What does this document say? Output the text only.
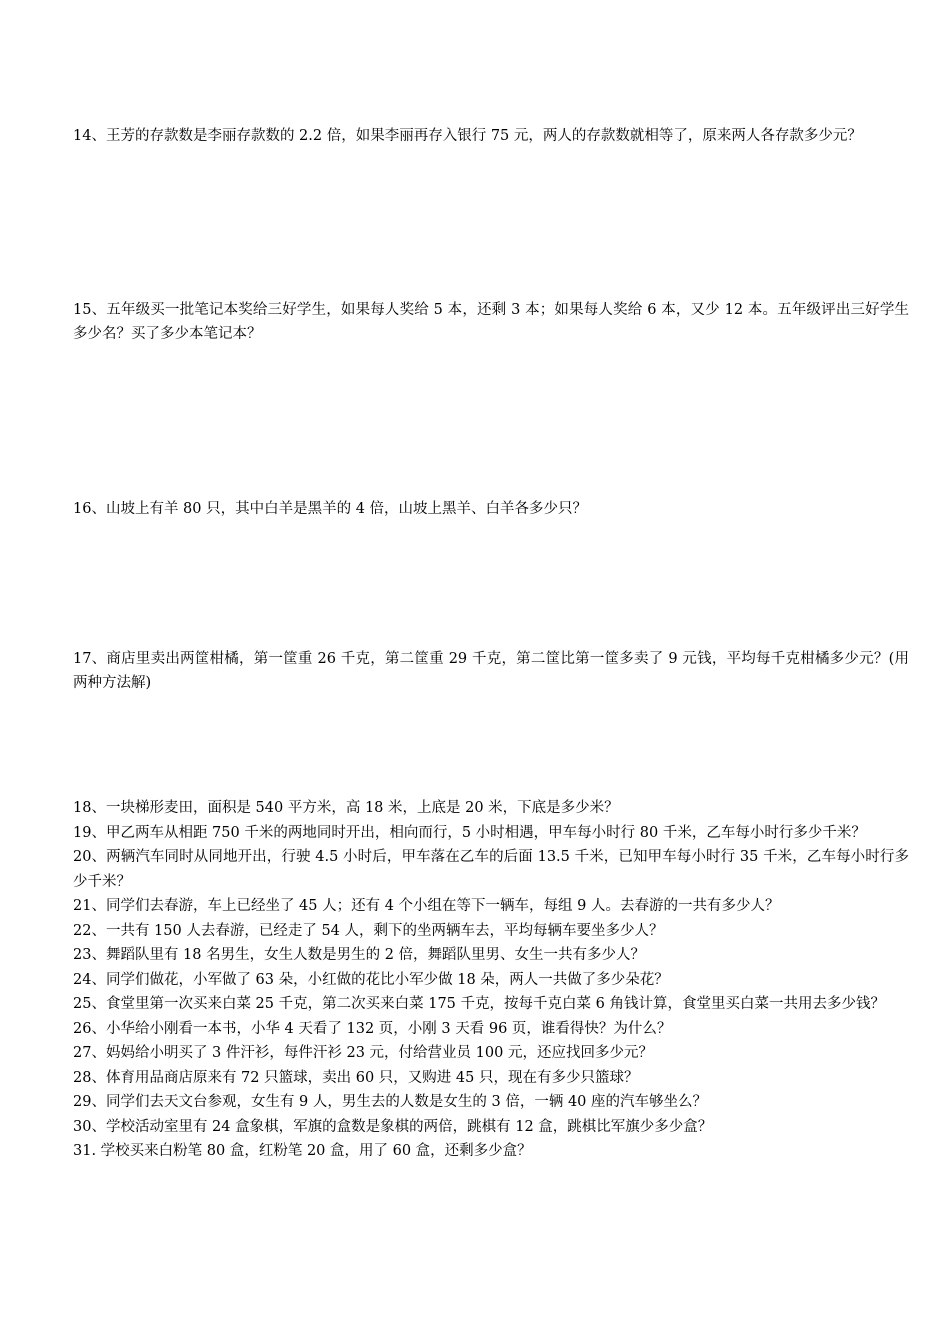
14、王芳的存款数是李丽存款数的 2.2 倍，如果李丽再存入银行 75 元，两人的存款数就相等了，原来两人各存款多少元？

15、五年级买一批笔记本奖给三好学生，如果每人奖给 5 本，还剩 3 本；如果每人奖给 6 本，又少 12 本。五年级评出三好学生多少名？买了多少本笔记本？

16、山坡上有羊 80 只，其中白羊是黑羊的 4 倍，山坡上黑羊、白羊各多少只？

17、商店里卖出两筐柑橘，第一筐重 26 千克，第二筐重 29 千克，第二筐比第一筐多卖了 9 元钱，平均每千克柑橘多少元？(用两种方法解)

18、一块梯形麦田，面积是 540 平方米，高 18 米，上底是 20 米，下底是多少米？
19、甲乙两车从相距 750 千米的两地同时开出，相向而行，5 小时相遇，甲车每小时行 80 千米，乙车每小时行多少千米？
20、两辆汽车同时从同地开出，行驶 4.5 小时后，甲车落在乙车的后面 13.5 千米，已知甲车每小时行 35 千米，乙车每小时行多少千米？
21、同学们去春游，车上已经坐了 45 人；还有 4 个小组在等下一辆车，每组 9 人。去春游的一共有多少人？
22、一共有 150 人去春游，已经走了 54 人，剩下的坐两辆车去，平均每辆车要坐多少人？
23、舞蹈队里有 18 名男生，女生人数是男生的 2 倍，舞蹈队里男、女生一共有多少人？
24、同学们做花，小军做了 63 朵，小红做的花比小军少做 18 朵，两人一共做了多少朵花？
25、食堂里第一次买来白菜 25 千克，第二次买来白菜 175 千克，按每千克白菜 6 角钱计算，食堂里买白菜一共用去多少钱？
26、小华给小刚看一本书，小华 4 天看了 132 页，小刚 3 天看 96 页，谁看得快？为什么？
27、妈妈给小明买了 3 件汗衫，每件汗衫 23 元，付给营业员 100 元，还应找回多少元？
28、体育用品商店原来有 72 只篮球，卖出 60 只，又购进 45 只，现在有多少只篮球？
29、同学们去天文台参观，女生有 9 人，男生去的人数是女生的 3 倍，一辆 40 座的汽车够坐么？
30、学校活动室里有 24 盒象棋，军旗的盒数是象棋的两倍，跳棋有 12 盒，跳棋比军旗少多少盒？
31. 学校买来白粉笔 80 盒，红粉笔 20 盒，用了 60 盒，还剩多少盒？
